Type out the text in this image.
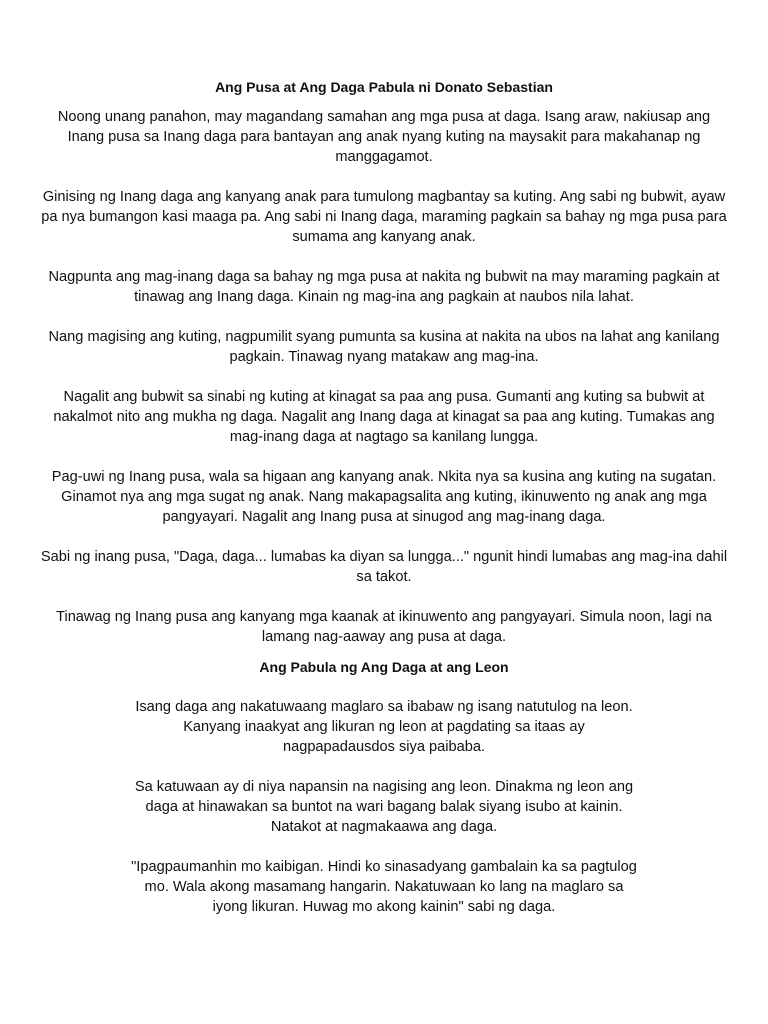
Ang Pusa at Ang Daga Pabula ni Donato Sebastian

Noong unang panahon, may magandang samahan ang mga pusa at daga. Isang araw, nakiusap ang Inang pusa sa Inang daga para bantayan ang anak nyang kuting na maysakit para makahanap ng manggagamot.

Ginising ng Inang daga ang kanyang anak para tumulong magbantay sa kuting. Ang sabi ng bubwit, ayaw pa nya bumangon kasi maaga pa. Ang sabi ni Inang daga, maraming pagkain sa bahay ng mga pusa para sumama ang kanyang anak.

Nagpunta ang mag-inang daga sa bahay ng mga pusa at nakita ng bubwit na may maraming pagkain at tinawag ang Inang daga. Kinain ng mag-ina ang pagkain at naubos nila lahat.

Nang magising ang kuting, nagpumilit syang pumunta sa kusina at nakita na ubos na lahat ang kanilang pagkain. Tinawag nyang matakaw ang mag-ina.

Nagalit ang bubwit sa sinabi ng kuting at kinagat sa paa ang pusa. Gumanti ang kuting sa bubwit at nakalmot nito ang mukha ng daga. Nagalit ang Inang daga at kinagat sa paa ang kuting. Tumakas ang mag-inang daga at nagtago sa kanilang lungga.

Pag-uwi ng Inang pusa, wala sa higaan ang kanyang anak. Nkita nya sa kusina ang kuting na sugatan. Ginamot nya ang mga sugat ng anak. Nang makapagsalita ang kuting, ikinuwento ng anak ang mga pangyayari. Nagalit ang Inang pusa at sinugod ang mag-inang daga.

Sabi ng inang pusa, "Daga, daga... lumabas ka diyan sa lungga..." ngunit hindi lumabas ang mag-ina dahil sa takot.

Tinawag ng Inang pusa ang kanyang mga kaanak at ikinuwento ang pangyayari. Simula noon, lagi na lamang nag-aaway ang pusa at daga.

Ang Pabula ng Ang Daga at ang Leon

Isang daga ang nakatuwaang maglaro sa ibabaw ng isang natutulog na leon. Kanyang inaakyat ang likuran ng leon at pagdating sa itaas ay nagpapadausdos siya paibaba.

Sa katuwaan ay di niya napansin na nagising ang leon. Dinakma ng leon ang daga at hinawakan sa buntot na wari bagang balak siyang isubo at kainin. Natakot at nagmakaawa ang daga.

"Ipagpaumanhin mo kaibigan. Hindi ko sinasadyang gambalain ka sa pagtulog mo. Wala akong masamang hangarin. Nakatuwaan ko lang na maglaro sa iyong likuran. Huwag mo akong kainin" sabi ng daga.
